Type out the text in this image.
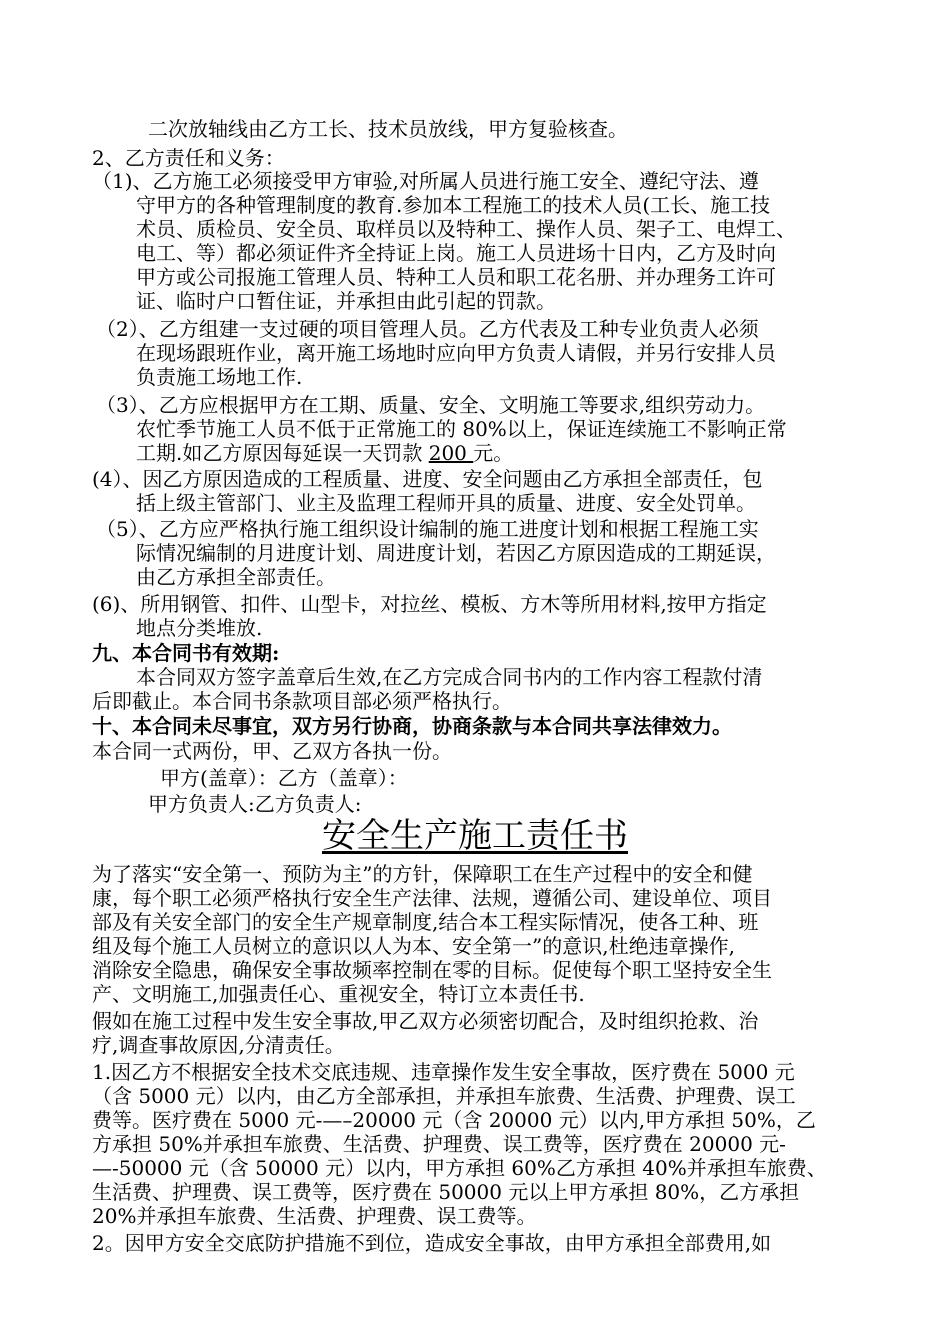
二次放轴线由乙方工长、技术员放线，甲方复验核查。
2、乙方责任和义务：
（1)、乙方施工必须接受甲方审验,对所属人员进行施工安全、遵纪守法、遵
守甲方的各种管理制度的教育.参加本工程施工的技术人员(工长、施工技
术员、质检员、安全员、取样员以及特种工、操作人员、架子工、电焊工、
电工、等）都必须证件齐全持证上岗。施工人员进场十日内，乙方及时向
甲方或公司报施工管理人员、特种工人员和职工花名册、并办理务工许可
证、临时户口暂住证，并承担由此引起的罚款。
（2）、乙方组建一支过硬的项目管理人员。乙方代表及工种专业负责人必须
在现场跟班作业，离开施工场地时应向甲方负责人请假，并另行安排人员
负责施工场地工作.
（3）、乙方应根据甲方在工期、质量、安全、文明施工等要求,组织劳动力。
农忙季节施工人员不低于正常施工的 80%以上，保证连续施工不影响正常
工期.如乙方原因每延误一天罚款 200 元。
(4）、因乙方原因造成的工程质量、进度、安全问题由乙方承担全部责任，包
括上级主管部门、业主及监理工程师开具的质量、进度、安全处罚单。
（5）、乙方应严格执行施工组织设计编制的施工进度计划和根据工程施工实
际情况编制的月进度计划、周进度计划，若因乙方原因造成的工期延误，
由乙方承担全部责任。
(6)、所用钢管、扣件、山型卡，对拉丝、模板、方木等所用材料,按甲方指定
地点分类堆放.
九、本合同书有效期:
本合同双方签字盖章后生效,在乙方完成合同书内的工作内容工程款付清
后即截止。本合同书条款项目部必须严格执行。
十、本合同未尽事宜，双方另行协商，协商条款与本合同共享法律效力。
本合同一式两份，甲、乙双方各执一份。
甲方(盖章）：乙方（盖章）：
甲方负责人:乙方负责人:
安全生产施工责任书
为了落实“安全第一、预防为主”的方针，保障职工在生产过程中的安全和健
康，每个职工必须严格执行安全生产法律、法规，遵循公司、建设单位、项目
部及有关安全部门的安全生产规章制度,结合本工程实际情况，使各工种、班
组及每个施工人员树立的意识以人为本、安全第一”的意识,杜绝违章操作,
消除安全隐患，确保安全事故频率控制在零的目标。促使每个职工坚持安全生
产、文明施工,加强责任心、重视安全，特订立本责任书.
假如在施工过程中发生安全事故,甲乙双方必须密切配合，及时组织抢救、治
疗,调查事故原因,分清责任。
1.因乙方不根据安全技术交底违规、违章操作发生安全事故，医疗费在 5000 元
（含 5000 元）以内，由乙方全部承担，并承担车旅费、生活费、护理费、误工
费等。医疗费在 5000 元-—–20000 元（含 20000 元）以内,甲方承担 50%，乙
方承担 50%并承担车旅费、生活费、护理费、误工费等，医疗费在 20000 元-
—-50000 元（含 50000 元）以内，甲方承担 60%乙方承担 40%并承担车旅费、
生活费、护理费、误工费等，医疗费在 50000 元以上甲方承担 80%，乙方承担
20%并承担车旅费、生活费、护理费、误工费等。
2。因甲方安全交底防护措施不到位，造成安全事故，由甲方承担全部费用,如
